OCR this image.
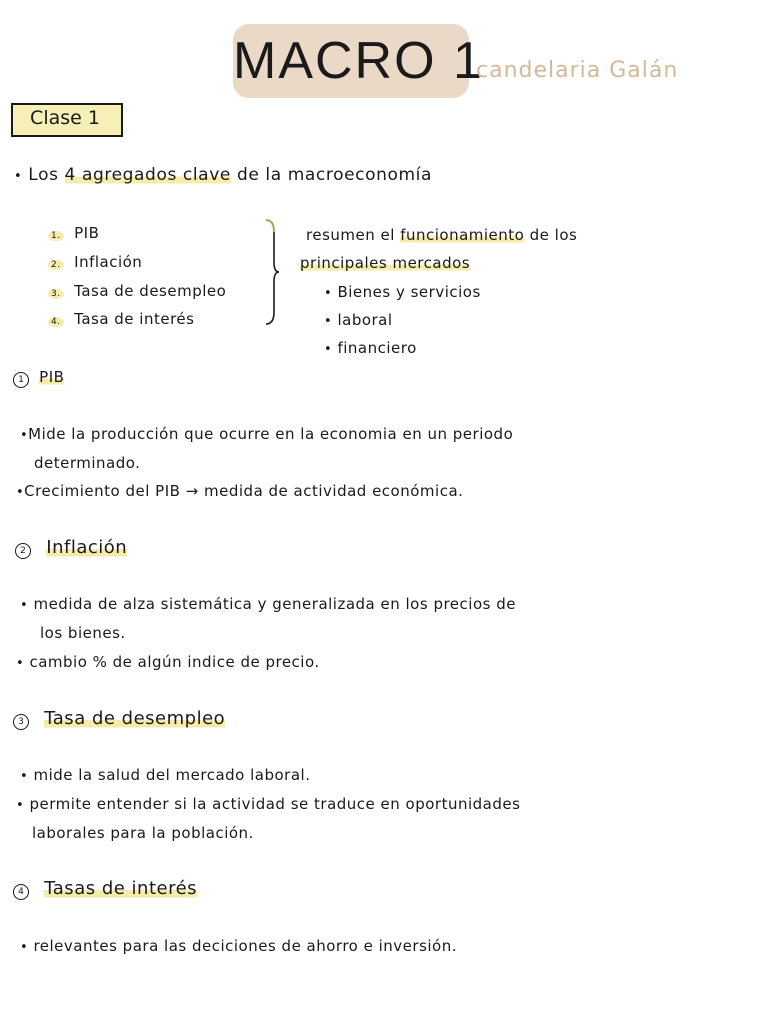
MACRO 1
candelaria Galán
Clase 1
• Los 4 agregados clave de la macroeconomía
1. PIB
2. Inflación
3. Tasa de desempleo
4. Tasa de interés
resumen el funcionamiento de los
principales mercados
• Bienes y servicios
• laboral
• financiero
1 PIB
•Mide la producción que ocurre en la economia en un periodo
determinado.
•Crecimiento del PIB → medida de actividad económica.
2 Inflación
• medida de alza sistemática y generalizada en los precios de
los bienes.
• cambio % de algún indice de precio.
3 Tasa de desempleo
• mide la salud del mercado laboral.
• permite entender si la actividad se traduce en oportunidades
laborales para la población.
4 Tasas de interés
• relevantes para las deciciones de ahorro e inversión.
